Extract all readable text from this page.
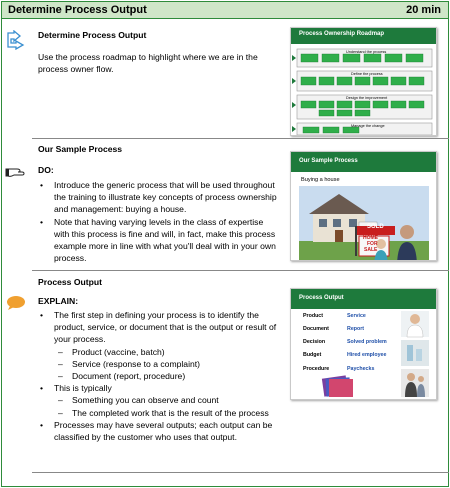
Determine Process Output	20 min
Determine Process Output
Use the process roadmap to highlight where we are in the process owner flow.
Process Ownership Roadmap
Understand the process
Define the process
Design the improvement
Manage the change
Our Sample Process
DO:
• Introduce the generic process that will be used throughout the training to illustrate key concepts of process ownership and management: buying a house.
• Note that having varying levels in the class of expertise with this process is fine and will, in fact, make this process example more in line with what you'll deal with in your own process.
Our Sample Process
Buying a house
SOLD
HOME
FOR
SALE
Process Output
EXPLAIN:
• The first step in defining your process is to identify the product, service, or document that is the output or result of your process.
– Product (vaccine, batch)
– Service (response to a complaint)
– Document (report, procedure)
• This is typically
– Something you can observe and count
– The completed work that is the result of the process
• Processes may have several outputs; each output can be classified by the customer who uses that output.
Process Output
Product	Service
Document	Report
Decision	Solved problem
Budget	Hired employee
Procedure	Paychecks
